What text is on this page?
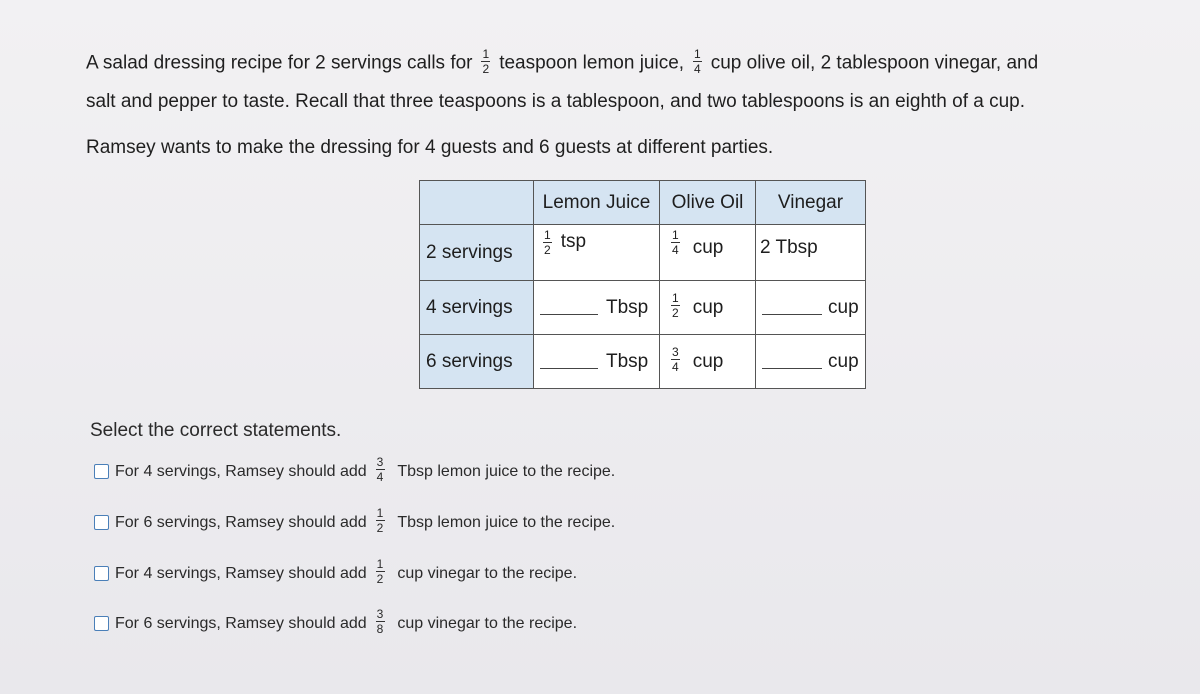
A salad dressing recipe for 2 servings calls for $\frac{1}{2}$ teaspoon lemon juice, $\frac{1}{4}$ cup olive oil, 2 tablespoon vinegar, and
salt and pepper to taste. Recall that three teaspoons is a tablespoon, and two tablespoons is an eighth of a cup.
Ramsey wants to make the dressing for 4 guests and 6 guests at different parties.
	Lemon Juice	Olive Oil	Vinegar
2 servings	$\frac{1}{2}$ tsp	$\frac{1}{4}$ cup	2 Tbsp

4 servings	Tbsp	$\frac{1}{2}$ cup	cup

6 servings	Tbsp	$\frac{3}{4}$ cup	cup
Select the correct statements.
For 4 servings, Ramsey should add $\frac{3}{4}$ Tbsp lemon juice to the recipe.
For 6 servings, Ramsey should add $\frac{1}{2}$ Tbsp lemon juice to the recipe.
For 4 servings, Ramsey should add $\frac{1}{2}$ cup vinegar to the recipe.
For 6 servings, Ramsey should add $\frac{3}{8}$ cup vinegar to the recipe.
